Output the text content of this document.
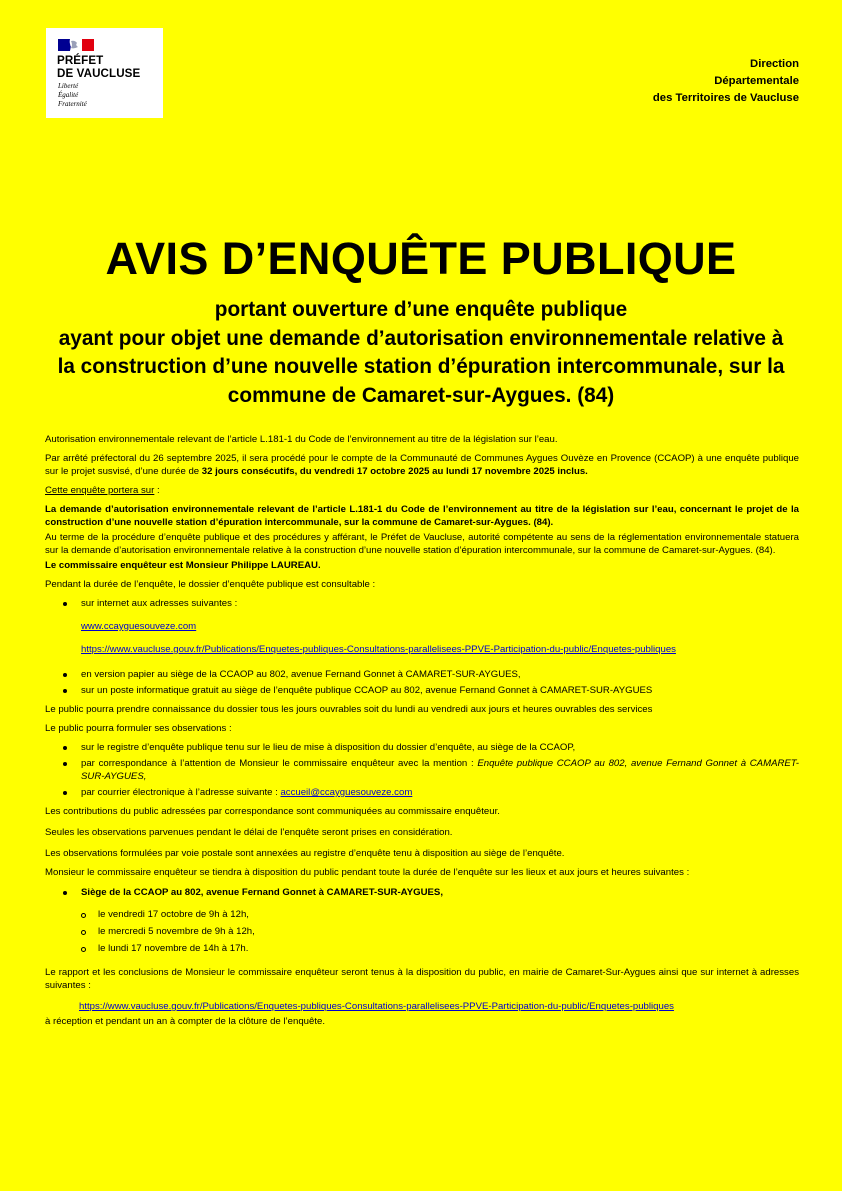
PRÉFET
DE VAUCLUSE
Liberté
Égalité
Fraternité
Direction
Départementale
des Territoires de Vaucluse
AVIS D’ENQUÊTE PUBLIQUE
portant ouverture d’une enquête publique
ayant pour objet une demande d’autorisation environnementale relative à
la construction d’une nouvelle station d’épuration intercommunale, sur la
commune de Camaret-sur-Aygues. (84)
Autorisation environnementale relevant de l’article L.181-1 du Code de l’environnement au titre de la législation sur l’eau.
Par arrêté préfectoral du 26 septembre 2025, il sera procédé pour le compte de la Communauté de Communes Aygues Ouvèze en Provence (CCAOP) à une enquête publique sur le projet susvisé, d’une durée de 32 jours consécutifs, du vendredi 17 octobre 2025 au lundi 17 novembre 2025 inclus.
Cette enquête portera sur :
La demande d’autorisation environnementale relevant de l’article L.181-1 du Code de l’environnement au titre de la législation sur l’eau, concernant le projet de la construction d’une nouvelle station d’épuration intercommunale, sur la commune de Camaret-sur-Aygues. (84).
Au terme de la procédure d’enquête publique et des procédures y afférant, le Préfet de Vaucluse, autorité compétente au sens de la réglementation environnementale statuera sur la demande d’autorisation environnementale relative à la construction d’une nouvelle station d’épuration intercommunale, sur la commune de Camaret-sur-Aygues. (84).
Le commissaire enquêteur est Monsieur Philippe LAUREAU.
Pendant la durée de l’enquête, le dossier d’enquête publique est consultable :
sur internet aux adresses suivantes :
www.ccayguesouveze.com
https://www.vaucluse.gouv.fr/Publications/Enquetes-publiques-Consultations-parallelisees-PPVE-Participation-du-public/Enquetes-publiques
en version papier au siège de la CCAOP au 802, avenue Fernand Gonnet à CAMARET-SUR-AYGUES,
sur un poste informatique gratuit au siège de l’enquête publique CCAOP au 802, avenue Fernand Gonnet à CAMARET-SUR-AYGUES
Le public pourra prendre connaissance du dossier tous les jours ouvrables soit du lundi au vendredi aux jours et heures ouvrables des services
Le public pourra formuler ses observations :
sur le registre d’enquête publique tenu sur le lieu de mise à disposition du dossier d’enquête, au siège de la CCAOP,
par correspondance à l’attention de Monsieur le commissaire enquêteur avec la mention : Enquête publique CCAOP au 802, avenue Fernand Gonnet à CAMARET-SUR-AYGUES,
par courrier électronique à l’adresse suivante : accueil@ccayguesouveze.com
Les contributions du public adressées par correspondance sont communiquées au commissaire enquêteur.
Seules les observations parvenues pendant le délai de l’enquête seront prises en considération.
Les observations formulées par voie postale sont annexées au registre d’enquête tenu à disposition au siège de l’enquête.
Monsieur le commissaire enquêteur se tiendra à disposition du public pendant toute la durée de l’enquête sur les lieux et aux jours et heures suivantes :
Siège de la CCAOP au 802, avenue Fernand Gonnet à CAMARET-SUR-AYGUES,
le vendredi 17 octobre de 9h à 12h,
le mercredi 5 novembre de 9h à 12h,
le lundi 17 novembre de 14h à 17h.
Le rapport et les conclusions de Monsieur le commissaire enquêteur seront tenus à la disposition du public, en mairie de Camaret-Sur-Aygues ainsi que sur internet à adresses suivantes :
https://www.vaucluse.gouv.fr/Publications/Enquetes-publiques-Consultations-parallelisees-PPVE-Participation-du-public/Enquetes-publiques
à réception et pendant un an à compter de la clôture de l’enquête.
